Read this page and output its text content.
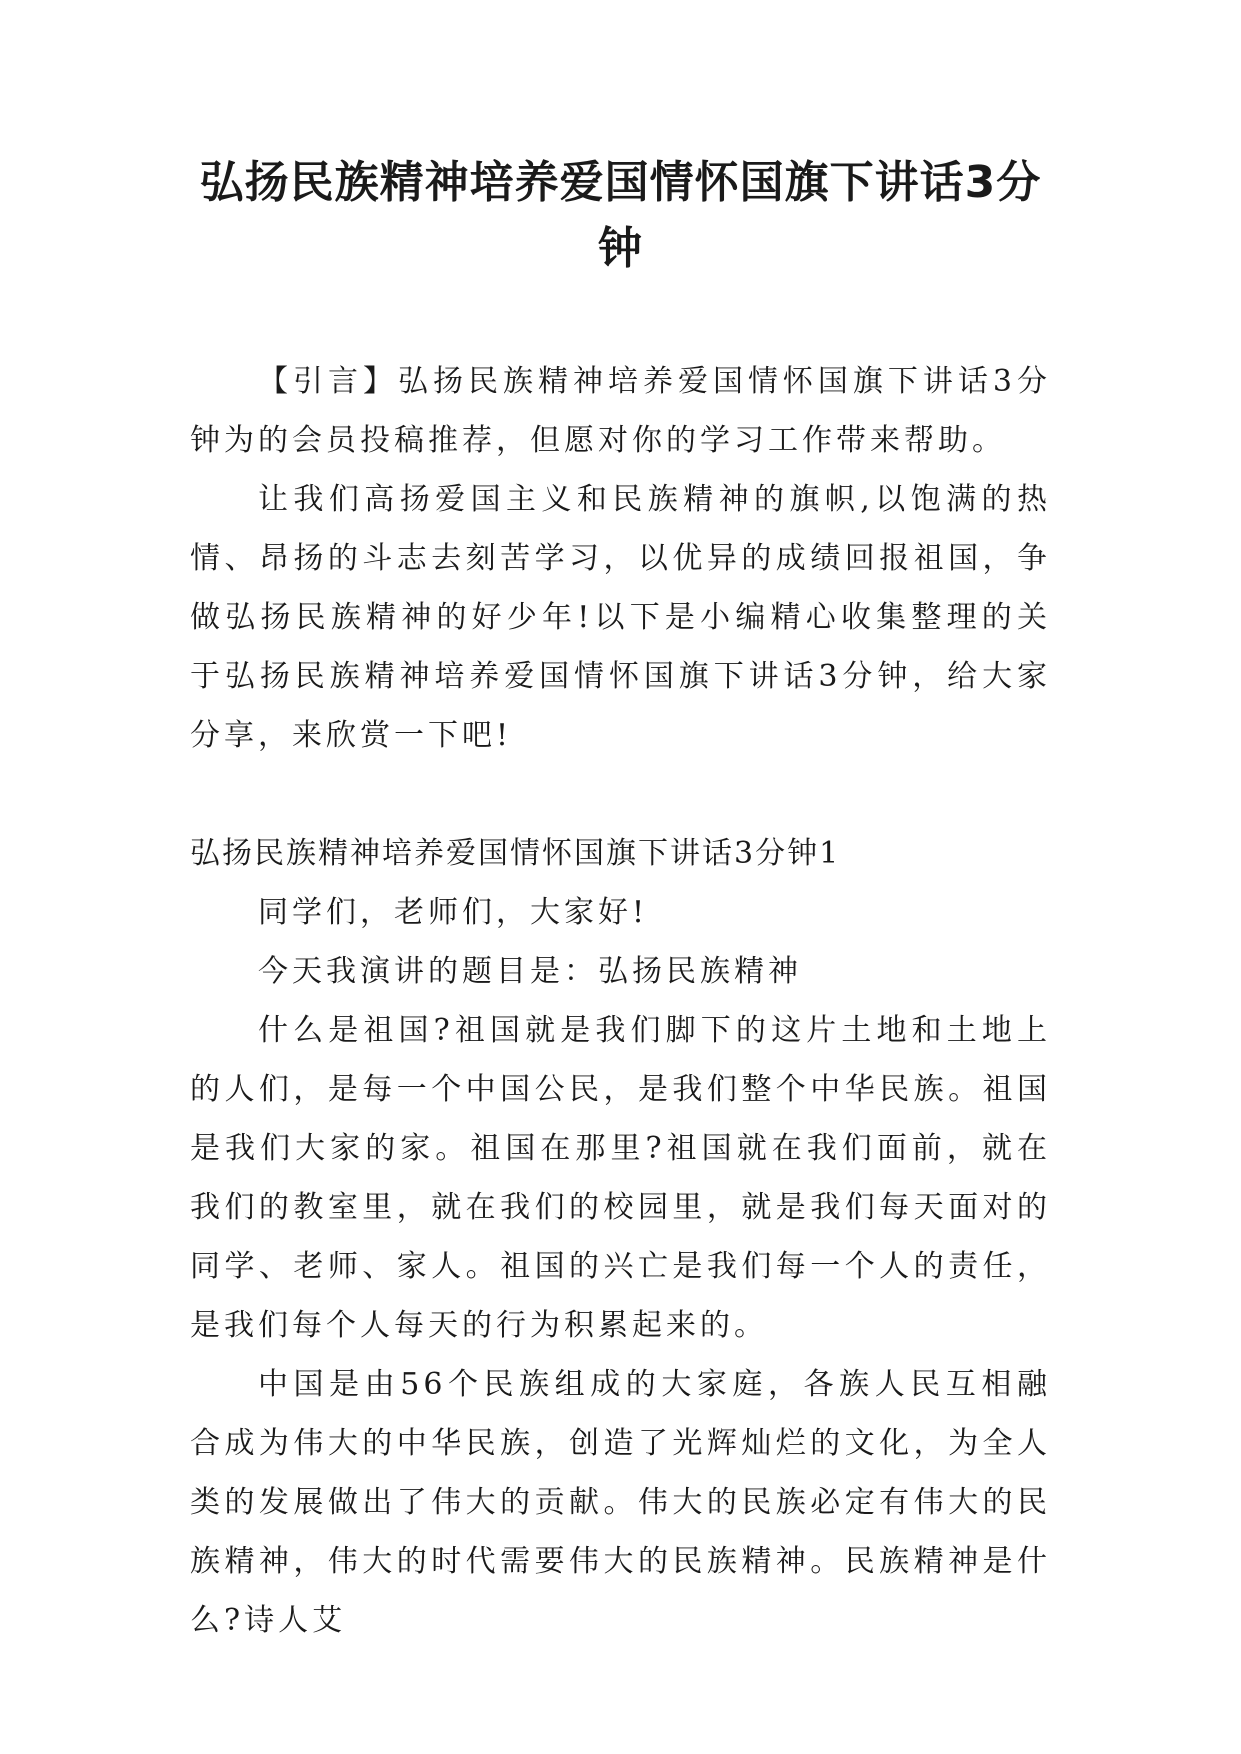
弘扬民族精神培养爱国情怀国旗下讲话3分钟

【引言】弘扬民族精神培养爱国情怀国旗下讲话3分钟为的会员投稿推荐，但愿对你的学习工作带来帮助。

让我们高扬爱国主义和民族精神的旗帜,以饱满的热情、昂扬的斗志去刻苦学习，以优异的成绩回报祖国，争做弘扬民族精神的好少年!以下是小编精心收集整理的关于弘扬民族精神培养爱国情怀国旗下讲话3分钟，给大家分享，来欣赏一下吧!

弘扬民族精神培养爱国情怀国旗下讲话3分钟1

同学们，老师们，大家好!

今天我演讲的题目是：弘扬民族精神

什么是祖国?祖国就是我们脚下的这片土地和土地上的人们，是每一个中国公民，是我们整个中华民族。祖国是我们大家的家。祖国在那里?祖国就在我们面前，就在我们的教室里，就在我们的校园里，就是我们每天面对的同学、老师、家人。祖国的兴亡是我们每一个人的责任，是我们每个人每天的行为积累起来的。

中国是由56个民族组成的大家庭，各族人民互相融合成为伟大的中华民族，创造了光辉灿烂的文化，为全人类的发展做出了伟大的贡献。伟大的民族必定有伟大的民族精神，伟大的时代需要伟大的民族精神。民族精神是什么?诗人艾
